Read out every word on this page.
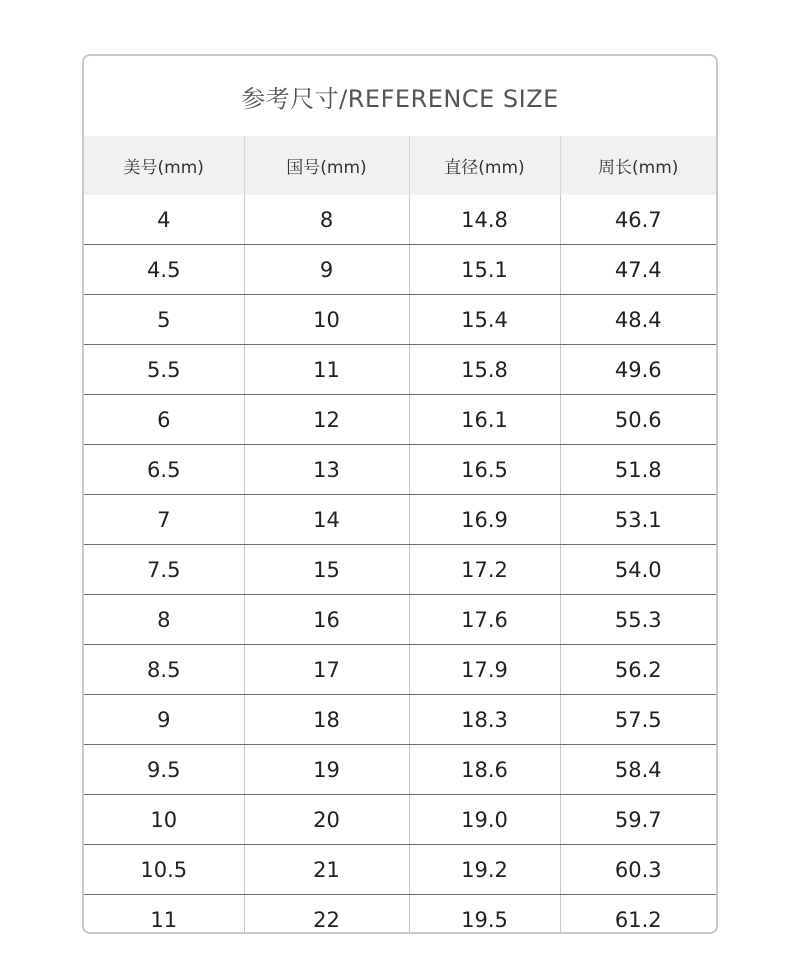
参考尺寸/REFERENCE SIZE
美号(mm)	国号(mm)	直径(mm)	周长(mm)
4	8	14.8	46.7
4.5	9	15.1	47.4
5	10	15.4	48.4
5.5	11	15.8	49.6
6	12	16.1	50.6
6.5	13	16.5	51.8
7	14	16.9	53.1
7.5	15	17.2	54.0
8	16	17.6	55.3
8.5	17	17.9	56.2
9	18	18.3	57.5
9.5	19	18.6	58.4
10	20	19.0	59.7
10.5	21	19.2	60.3
11	22	19.5	61.2
